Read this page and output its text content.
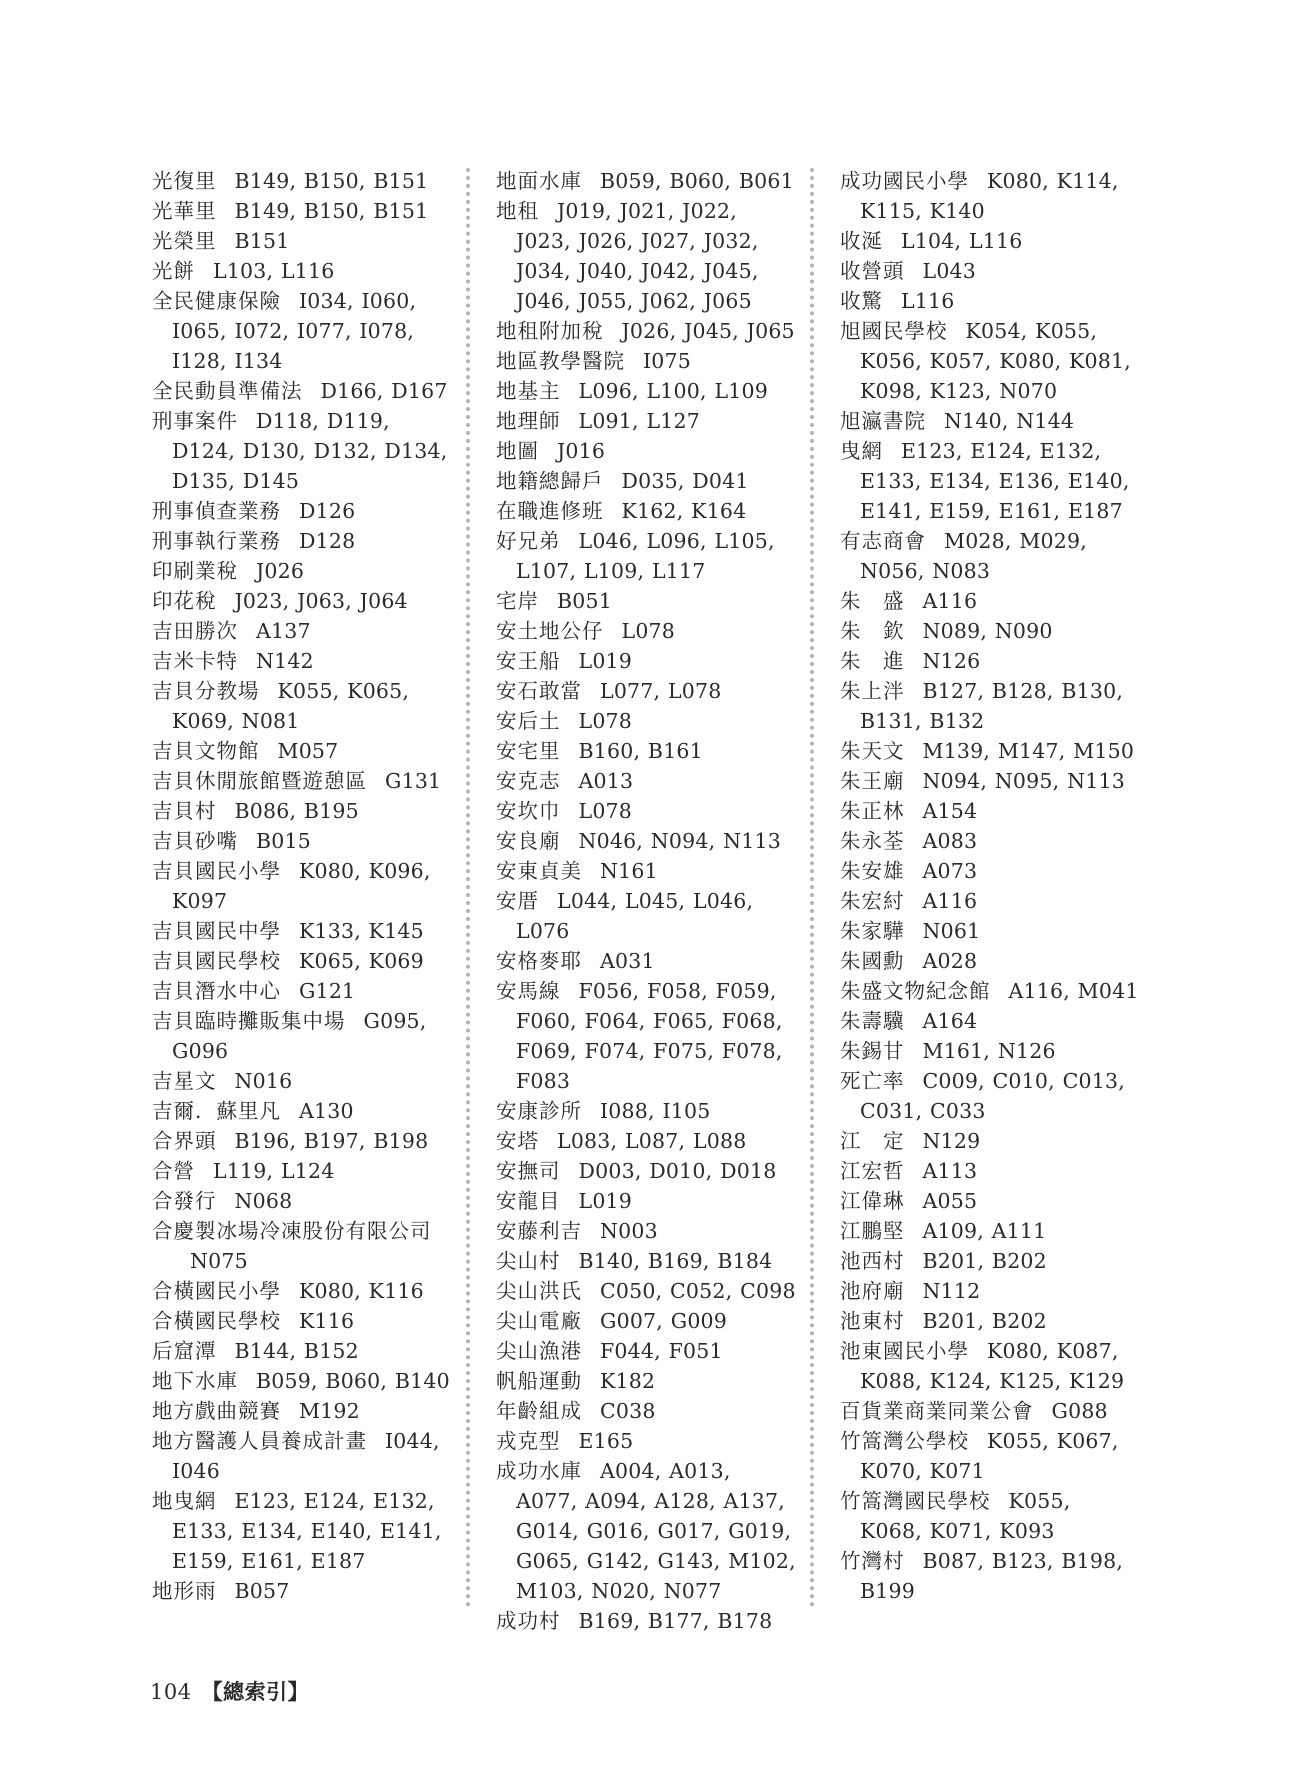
光復里 B149, B150, B151
光華里 B149, B150, B151
光榮里 B151
光餅 L103, L116
全民健康保險 I034, I060, I065, I072, I077, I078, I128, I134
全民動員準備法 D166, D167
刑事案件 D118, D119, D124, D130, D132, D134, D135, D145
刑事偵查業務 D126
刑事執行業務 D128
印刷業稅 J026
印花稅 J023, J063, J064
吉田勝次 A137
吉米卡特 N142
吉貝分教場 K055, K065, K069, N081
吉貝文物館 M057
吉貝休閒旅館暨遊憩區 G131
吉貝村 B086, B195
吉貝砂嘴 B015
吉貝國民小學 K080, K096, K097
吉貝國民中學 K133, K145
吉貝國民學校 K065, K069
吉貝潛水中心 G121
吉貝臨時攤販集中場 G095, G096
吉星文 N016
吉爾．蘇里凡 A130
合界頭 B196, B197, B198
合營 L119, L124
合發行 N068
合慶製冰場冷凍股份有限公司N075
合橫國民小學 K080, K116
合橫國民學校 K116
后窟潭 B144, B152
地下水庫 B059, B060, B140
地方戲曲競賽 M192
地方醫護人員養成計畫 I044, I046
地曳網 E123, E124, E132, E133, E134, E140, E141, E159, E161, E187
地形雨 B057
地面水庫 B059, B060, B061
地租 J019, J021, J022, J023, J026, J027, J032, J034, J040, J042, J045, J046, J055, J062, J065
地租附加稅 J026, J045, J065
地區教學醫院 I075
地基主 L096, L100, L109
地理師 L091, L127
地圖 J016
地籍總歸戶 D035, D041
在職進修班 K162, K164
好兄弟 L046, L096, L105, L107, L109, L117
宅岸 B051
安土地公仔 L078
安王船 L019
安石敢當 L077, L078
安后土 L078
安宅里 B160, B161
安克志 A013
安坎巾 L078
安良廟 N046, N094, N113
安東貞美 N161
安厝 L044, L045, L046, L076
安格麥耶 A031
安馬線 F056, F058, F059, F060, F064, F065, F068, F069, F074, F075, F078, F083
安康診所 I088, I105
安塔 L083, L087, L088
安撫司 D003, D010, D018
安龍目 L019
安藤利吉 N003
尖山村 B140, B169, B184
尖山洪氏 C050, C052, C098
尖山電廠 G007, G009
尖山漁港 F044, F051
帆船運動 K182
年齡組成 C038
戎克型 E165
成功水庫 A004, A013, A077, A094, A128, A137, G014, G016, G017, G019, G065, G142, G143, M102, M103, N020, N077
成功村 B169, B177, B178
成功國民小學 K080, K114, K115, K140
收涎 L104, L116
收營頭 L043
收驚 L116
旭國民學校 K054, K055, K056, K057, K080, K081, K098, K123, N070
旭瀛書院 N140, N144
曳網 E123, E124, E132, E133, E134, E136, E140, E141, E159, E161, E187
有志商會 M028, M029, N056, N083
朱　盛 A116
朱　欽 N089, N090
朱　進 N126
朱上泮 B127, B128, B130, B131, B132
朱天文 M139, M147, M150
朱王廟 N094, N095, N113
朱正林 A154
朱永荃 A083
朱安雄 A073
朱宏紂 A116
朱家驊 N061
朱國勳 A028
朱盛文物紀念館 A116, M041
朱壽驥 A164
朱錫甘 M161, N126
死亡率 C009, C010, C013, C031, C033
江　定 N129
江宏哲 A113
江偉琳 A055
江鵬堅 A109, A111
池西村 B201, B202
池府廟 N112
池東村 B201, B202
池東國民小學 K080, K087, K088, K124, K125, K129
百貨業商業同業公會 G088
竹篙灣公學校 K055, K067, K070, K071
竹篙灣國民學校 K055, K068, K071, K093
竹灣村 B087, B123, B198, B199
104 【總索引】
